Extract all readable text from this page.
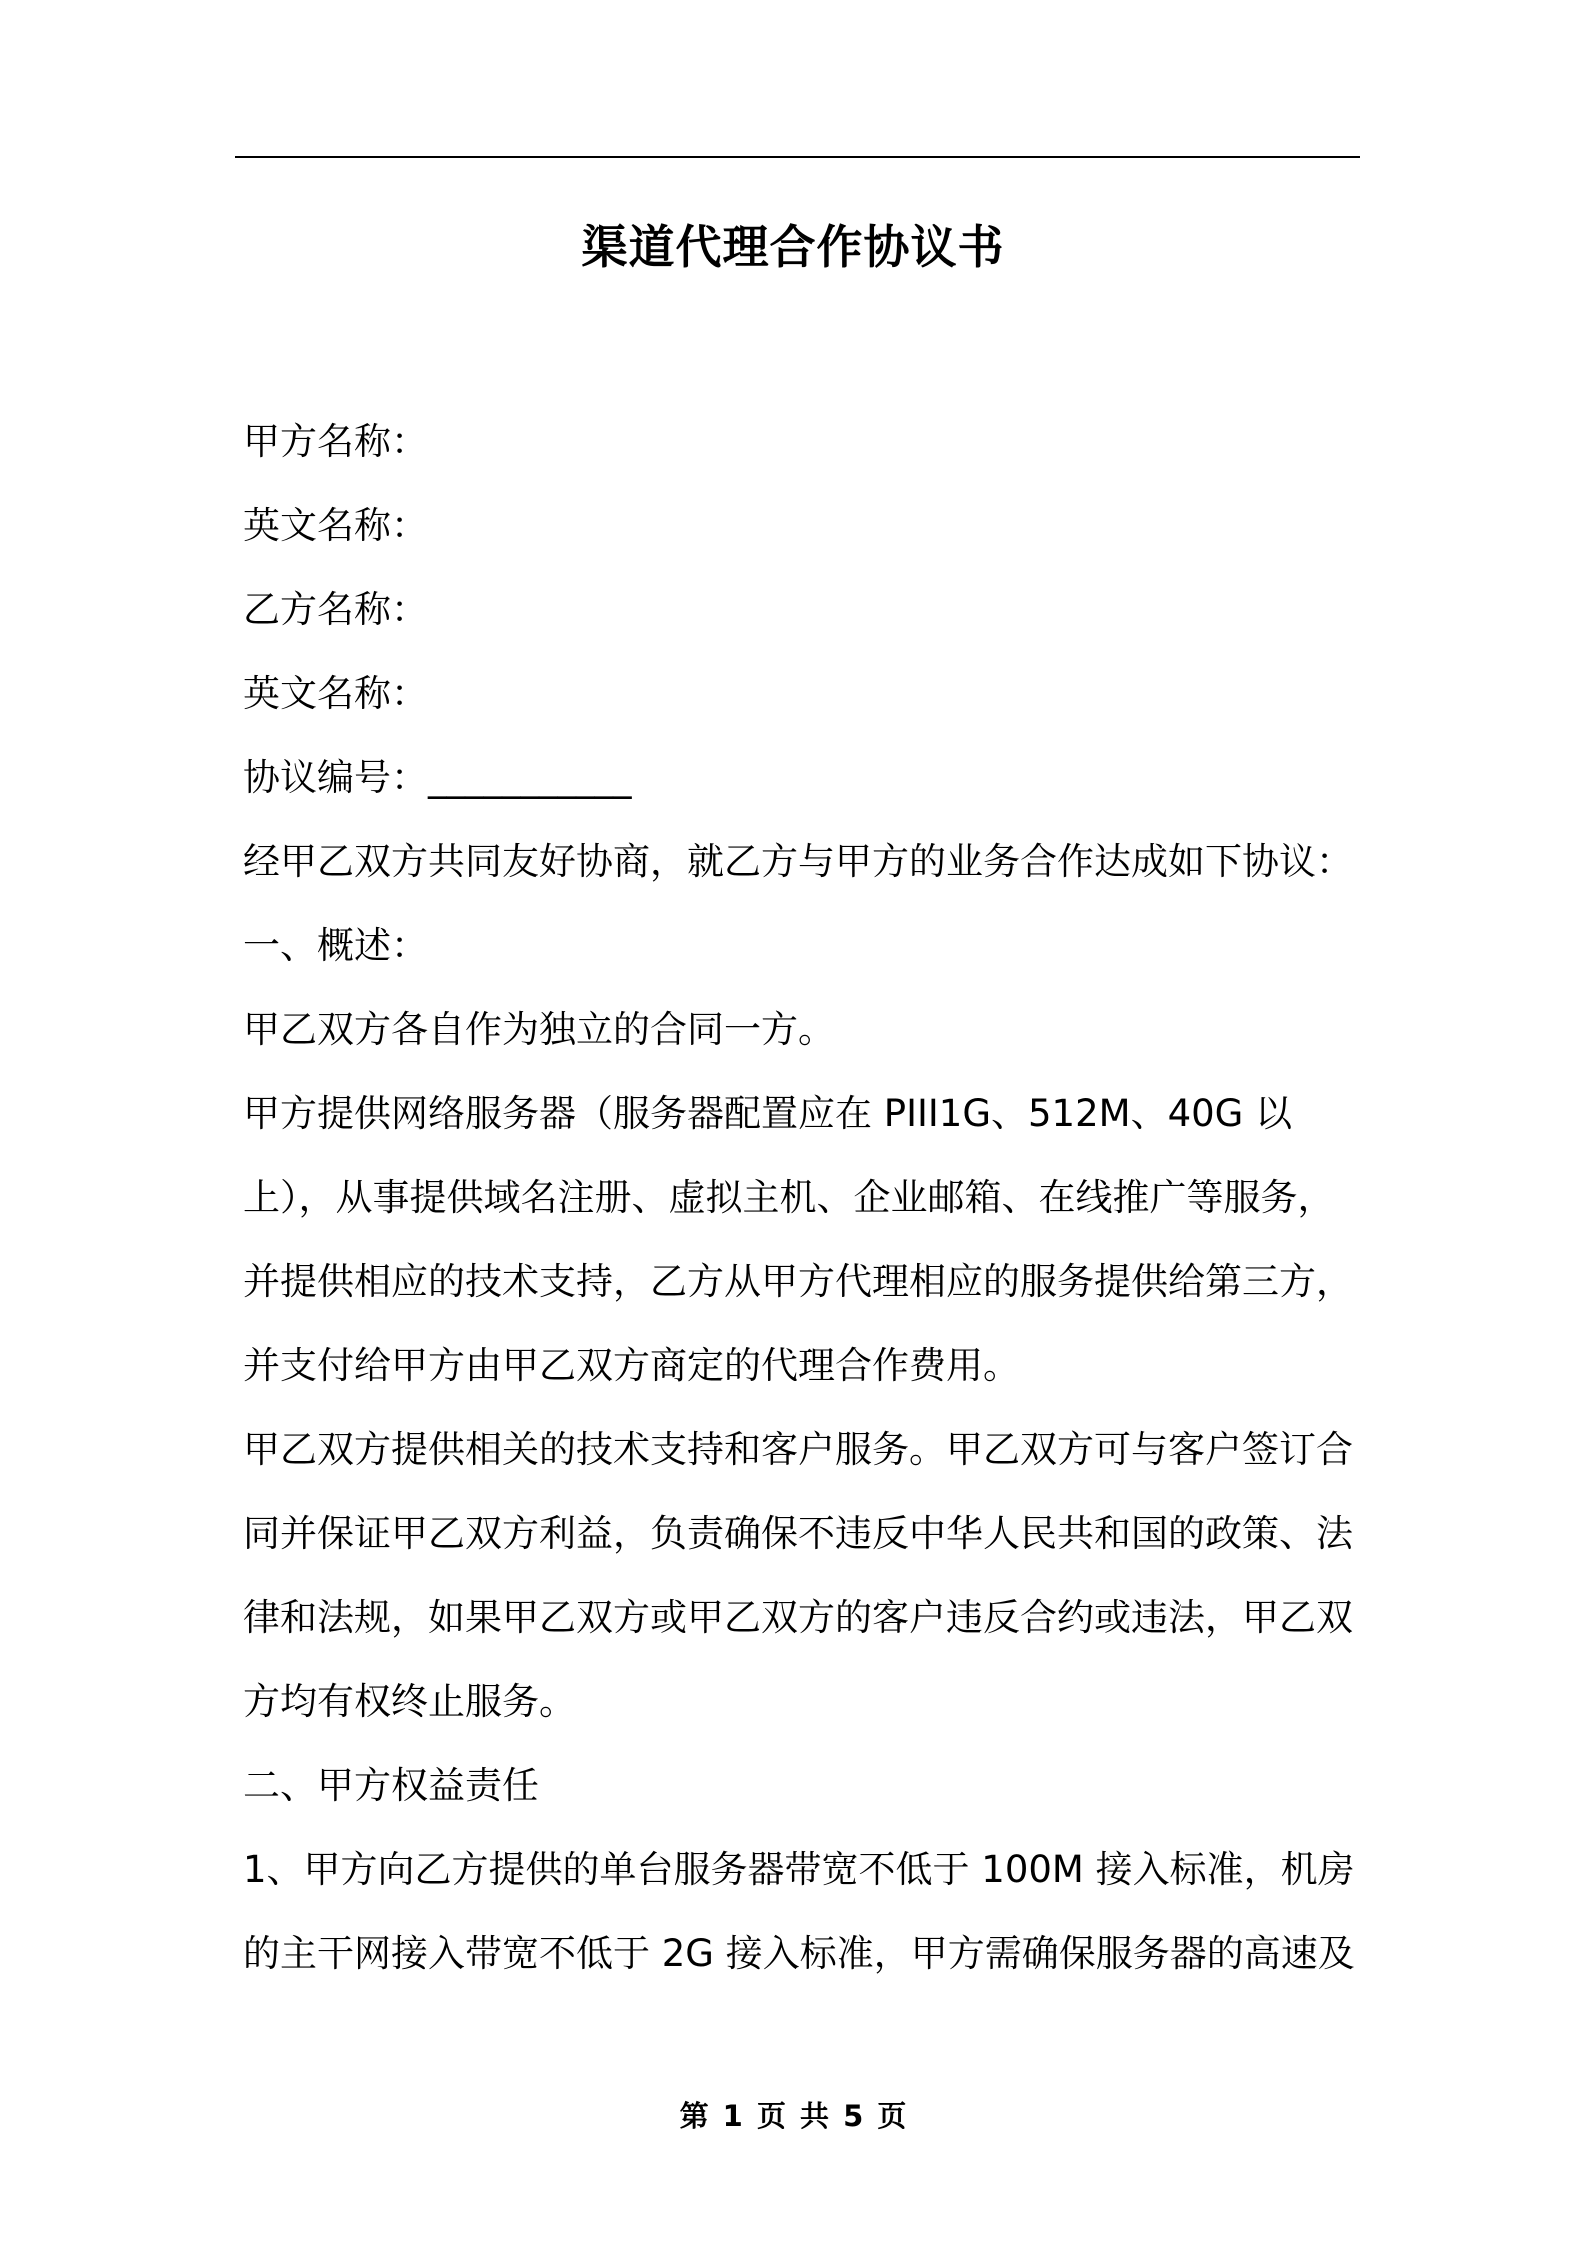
渠道代理合作协议书

甲方名称：

英文名称：

乙方名称：

英文名称：

协议编号：___________

经甲乙双方共同友好协商，就乙方与甲方的业务合作达成如下协议：

一、概述：

甲乙双方各自作为独立的合同一方。

甲方提供网络服务器（服务器配置应在 PIII1G、512M、40G 以上），从事提供域名注册、虚拟主机、企业邮箱、在线推广等服务，并提供相应的技术支持，乙方从甲方代理相应的服务提供给第三方，并支付给甲方由甲乙双方商定的代理合作费用。

甲乙双方提供相关的技术支持和客户服务。甲乙双方可与客户签订合同并保证甲乙双方利益，负责确保不违反中华人民共和国的政策、法律和法规，如果甲乙双方或甲乙双方的客户违反合约或违法，甲乙双方均有权终止服务。

二、甲方权益责任

1、甲方向乙方提供的单台服务器带宽不低于 100M 接入标准，机房的主干网接入带宽不低于 2G 接入标准，甲方需确保服务器的高速及

第 1 页 共 5 页
